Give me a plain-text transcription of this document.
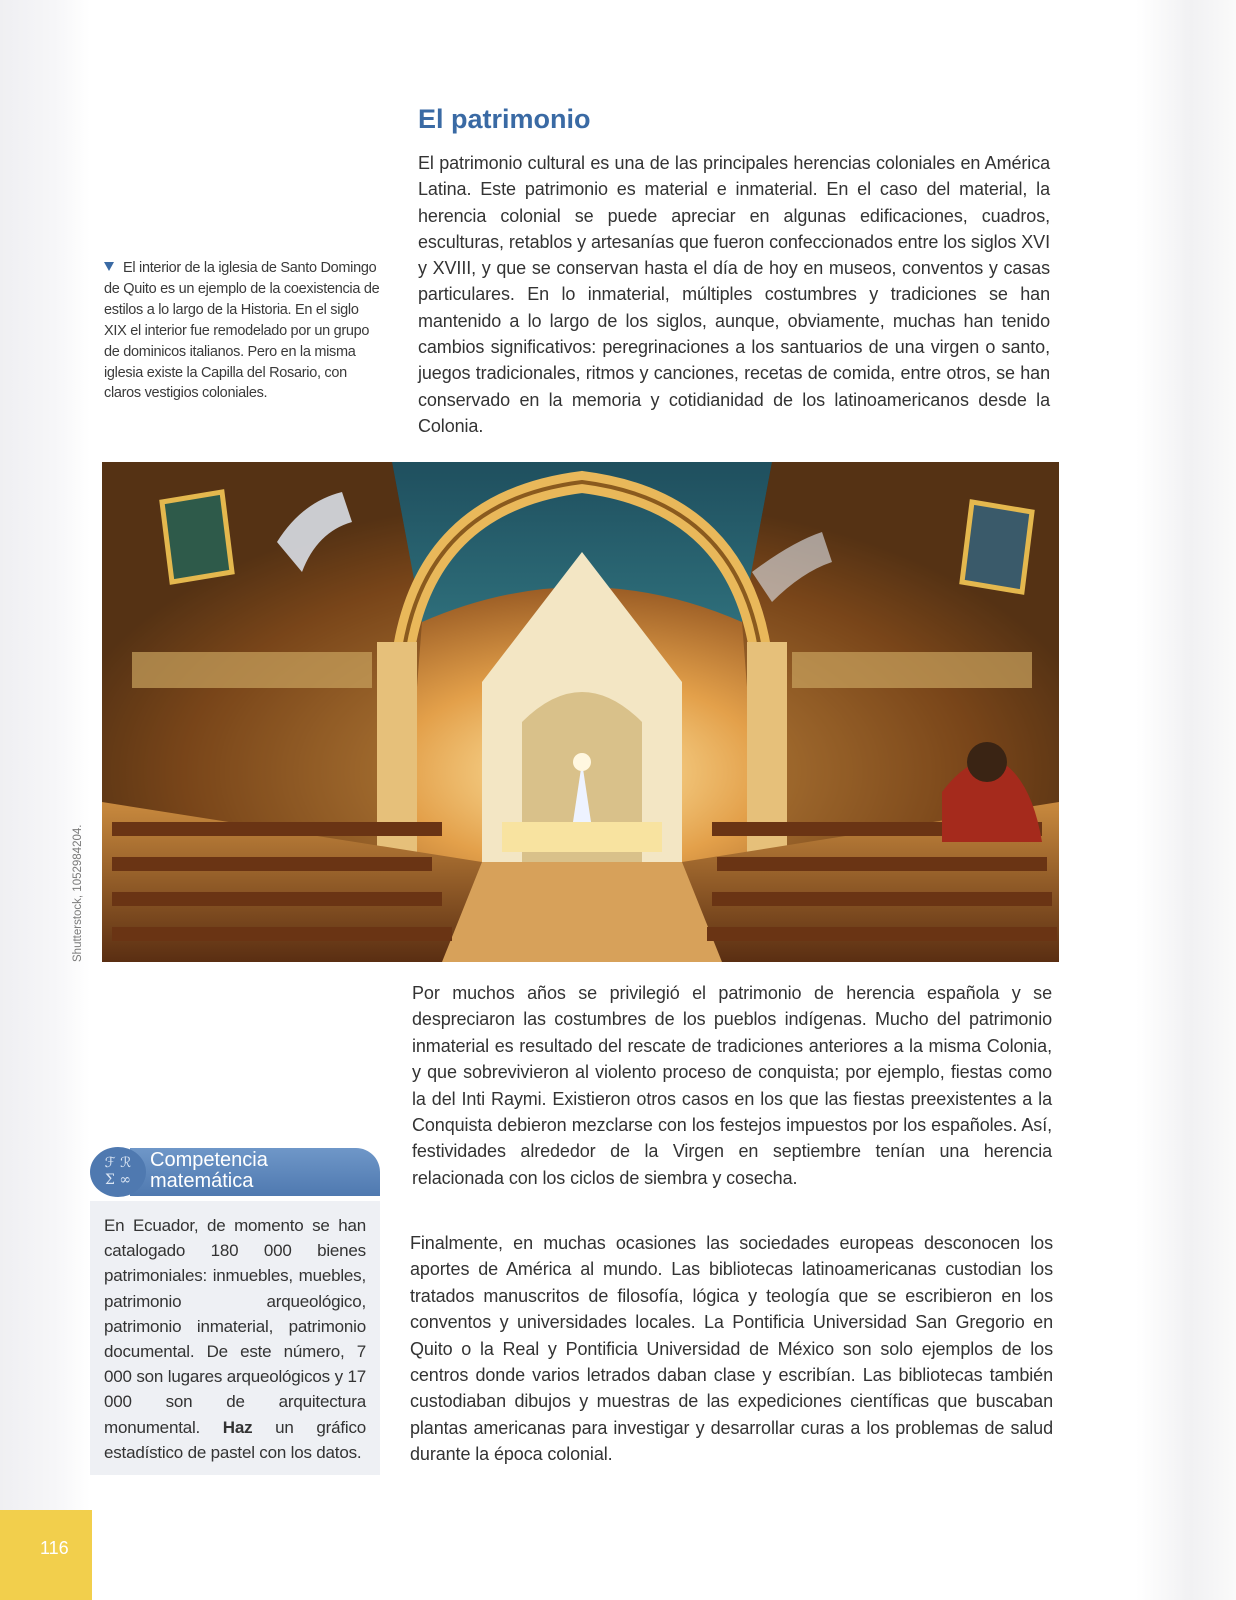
El patrimonio

El patrimonio cultural es una de las principales herencias coloniales en América Latina. Este patrimonio es material e inmaterial. En el caso del material, la herencia colonial se puede apreciar en algunas edificaciones, cuadros, esculturas, retablos y artesanías que fueron confeccionados entre los siglos XVI y XVIII, y que se conservan hasta el día de hoy en museos, conventos y casas particulares. En lo inmaterial, múltiples costumbres y tradiciones se han mantenido a lo largo de los siglos, aunque, obviamente, muchas han tenido cambios significativos: peregrinaciones a los santuarios de una virgen o santo, juegos tradicionales, ritmos y canciones, recetas de comida, entre otros, se han conservado en la memoria y cotidianidad de los latinoamericanos desde la Colonia.

El interior de la iglesia de Santo Domingo de Quito es un ejemplo de la coexistencia de estilos a lo largo de la Historia. En el siglo XIX el interior fue remodelado por un grupo de dominicos italianos. Pero en la misma iglesia existe la Capilla del Rosario, con claros vestigios coloniales.

Shutterstock, 1052984204.

Por muchos años se privilegió el patrimonio de herencia española y se despreciaron las costumbres de los pueblos indígenas. Mucho del patrimonio inmaterial es resultado del rescate de tradiciones anteriores a la misma Colonia, y que sobrevivieron al violento proceso de conquista; por ejemplo, fiestas como la del Inti Raymi. Existieron otros casos en los que las fiestas preexistentes a la Conquista debieron mezclarse con los festejos impuestos por los españoles. Así, festividades alrededor de la Virgen en septiembre tenían una herencia relacionada con los ciclos de siembra y cosecha.

Finalmente, en muchas ocasiones las sociedades europeas desconocen los aportes de América al mundo. Las bibliotecas latinoamericanas custodian los tratados manuscritos de filosofía, lógica y teología que se escribieron en los conventos y universidades locales. La Pontificia Universidad San Gregorio en Quito o la Real y Pontificia Universidad de México son solo ejemplos de los centros donde varios letrados daban clase y escribían. Las bibliotecas también custodiaban dibujos y muestras de las expediciones científicas que buscaban plantas americanas para investigar y desarrollar curas a los problemas de salud durante la época colonial.

ℱ ℛ
Σ ∞
Competencia
matemática

En Ecuador, de momento se han catalogado 180 000 bienes patrimoniales: inmuebles, muebles, patrimonio arqueológico, patrimonio inmaterial, patrimonio documental. De este número, 7 000 son lugares arqueológicos y 17 000 son de arquitectura monumental. Haz un gráfico estadístico de pastel con los datos.

116
